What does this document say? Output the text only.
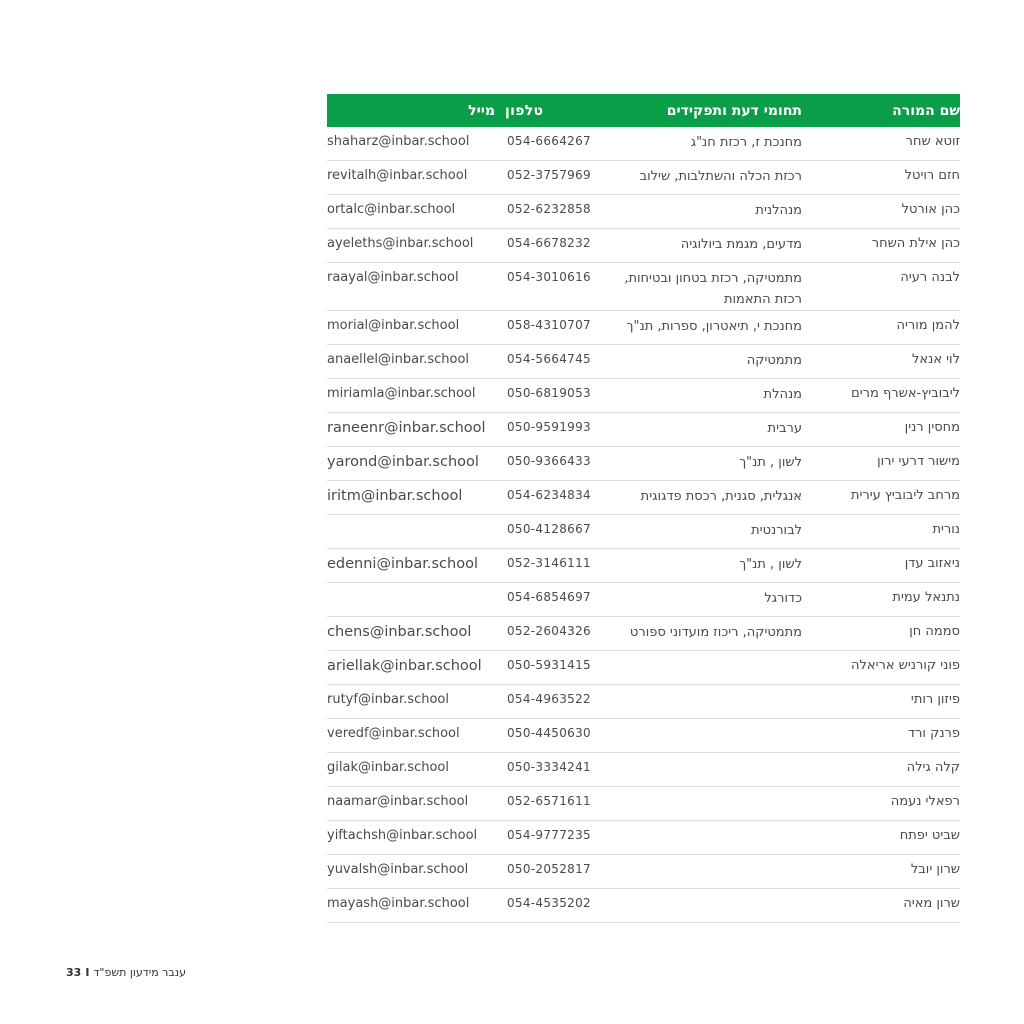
שם המורה
תחומי דעת ותפקידים
טלפון
מייל
זוטא שחר
מחנכת ז, רכזת חנ"ג
054-6664267
shaharz@inbar.school
חזם רויטל
רכזת הכלה והשתלבות, שילוב
052-3757969
revitalh@inbar.school
כהן אורטל
מנהלנית
052-6232858
ortalc@inbar.school
כהן אילת השחר
מדעים, מגמת ביולוגיה
054-6678232
ayeleths@inbar.school
לבנה רעיה
מתמטיקה, רכזת בטחון ובטיחות, רכזת התאמות
054-3010616
raayal@inbar.school
להמן מוריה
מחנכת י, תיאטרון, ספרות, תנ"ך
058-4310707
morial@inbar.school
לוי אנאל
מתמטיקה
054-5664745
anaellel@inbar.school
ליבוביץ-אשרף מרים
מנהלת
050-6819053
miriamla@inbar.school
מחסין רנין
ערבית
050-9591993
raneenr@inbar.school
מישור דרעי ירון
לשון , תנ"ך
050-9366433
yarond@inbar.school
מרחב ליבוביץ עירית
אנגלית, סגנית, רכסת פדגוגית
054-6234834
iritm@inbar.school
נורית
לבורנטית
050-4128667
ניאזוב עדן
לשון , תנ"ך
052-3146111
edenni@inbar.school
נתנאל עמית
כדורגל
054-6854697
סממה חן
מתמטיקה, ריכוז מועדוני ספורט
052-2604326
chens@inbar.school
פוני קורניש אריאלה
050-5931415
ariellak@inbar.school
פיזון רותי
054-4963522
rutyf@inbar.school
פרנק ורד
050-4450630
veredf@inbar.school
קלה גילה
050-3334241
gilak@inbar.school
רפאלי נעמה
052-6571611
naamar@inbar.school
שביט יפתח
054-9777235
yiftachsh@inbar.school
שרון יובל
050-2052817
yuvalsh@inbar.school
שרון מאיה
054-4535202
mayash@inbar.school
33 I ענבר מידעון תשפ"ד
